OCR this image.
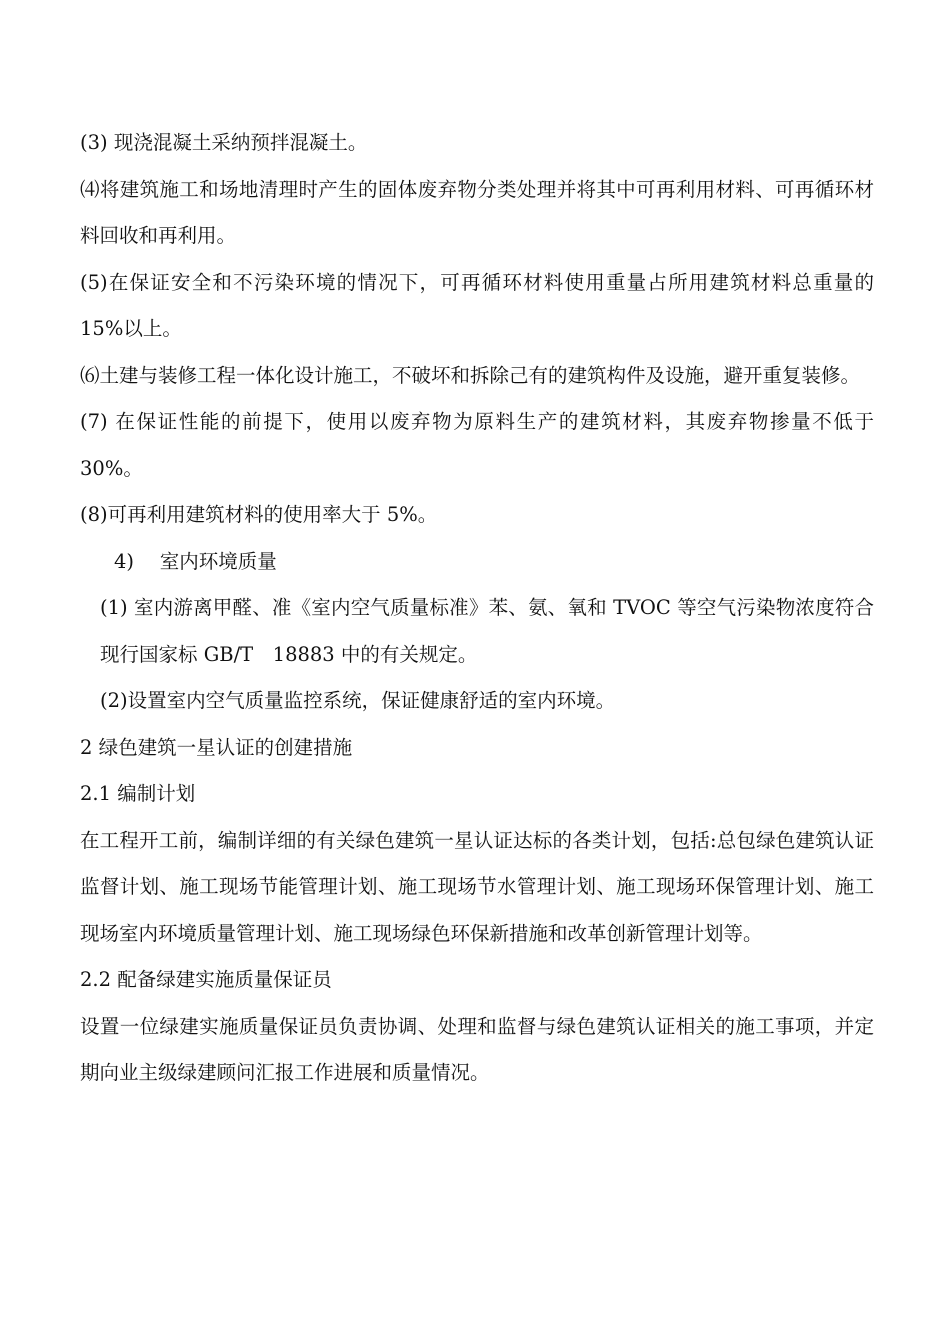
(3) 现浇混凝土采纳预拌混凝土。

⑷将建筑施工和场地清理时产生的固体废弃物分类处理并将其中可再利用材料、可再循环材料回收和再利用。

(5)在保证安全和不污染环境的情况下，可再循环材料使用重量占所用建筑材料总重量的 15%以上。

⑹土建与装修工程一体化设计施工，不破坏和拆除己有的建筑构件及设施，避开重复装修。

(7) 在保证性能的前提下，使用以废弃物为原料生产的建筑材料，其废弃物掺量不低于 30%。

(8)可再利用建筑材料的使用率大于 5%。

4)　 室内环境质量

(1) 室内游离甲醛、准《室内空气质量标准》苯、氨、氧和 TVOC 等空气污染物浓度符合现行国家标 GB/T　18883 中的有关规定。

(2)设置室内空气质量监控系统，保证健康舒适的室内环境。

2 绿色建筑一星认证的创建措施

2.1 编制计划

在工程开工前，编制详细的有关绿色建筑一星认证达标的各类计划，包括:总包绿色建筑认证监督计划、施工现场节能管理计划、施工现场节水管理计划、施工现场环保管理计划、施工现场室内环境质量管理计划、施工现场绿色环保新措施和改革创新管理计划等。

2.2 配备绿建实施质量保证员

设置一位绿建实施质量保证员负责协调、处理和监督与绿色建筑认证相关的施工事项，并定期向业主级绿建顾问汇报工作进展和质量情况。
